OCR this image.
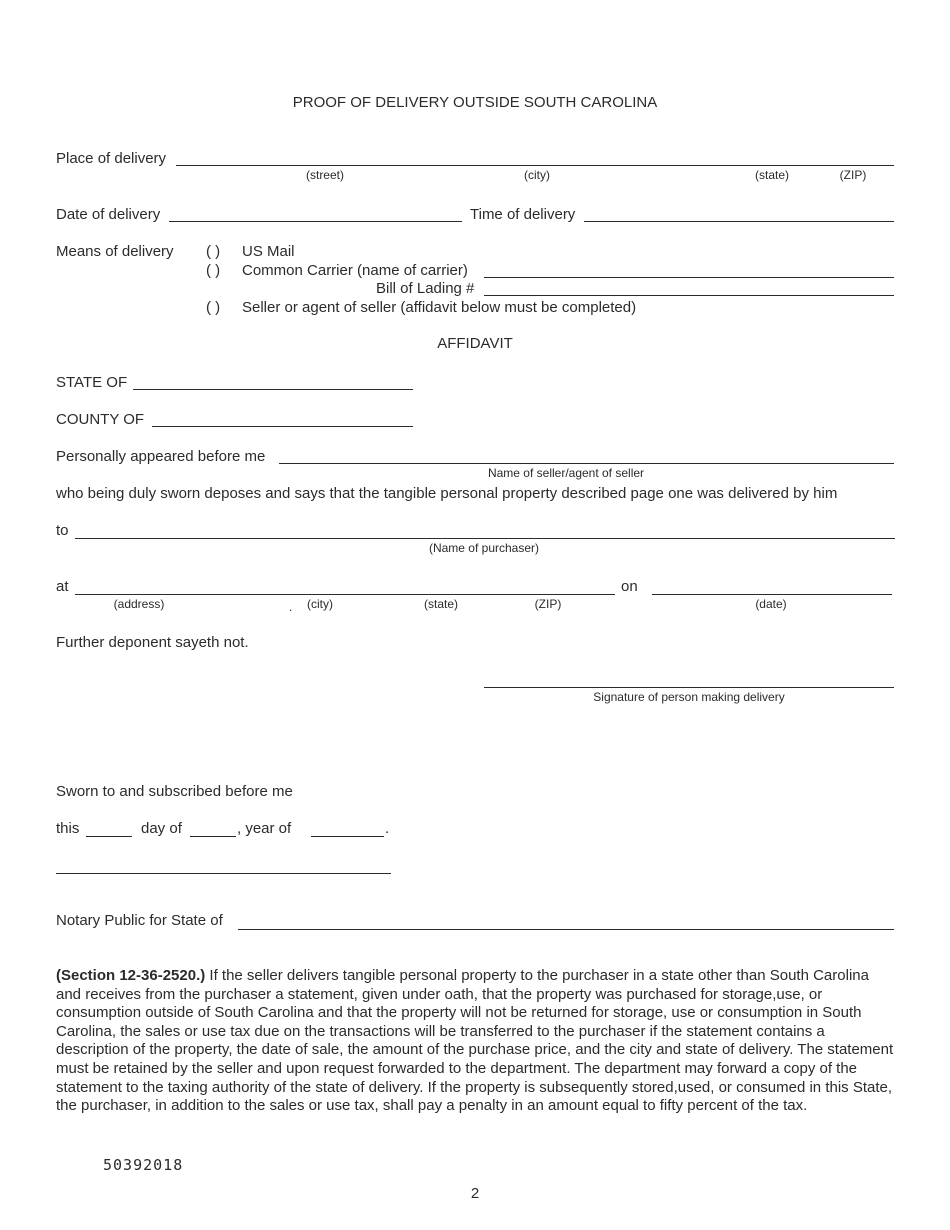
PROOF OF DELIVERY OUTSIDE SOUTH CAROLINA
Place of delivery
(street)	(city)	(state)	(ZIP)
Date of delivery	Time of delivery
Means of delivery ( ) US Mail
( ) Common Carrier (name of carrier)
Bill of Lading #
( ) Seller or agent of seller (affidavit below must be completed)
AFFIDAVIT
STATE OF
COUNTY OF
Personally appeared before me
Name of seller/agent of seller
who being duly sworn deposes and says that the tangible personal property described page one was delivered by him
to
(Name of purchaser)
at	on
(address)	.	(city)	(state)	(ZIP)	(date)
Further deponent sayeth not.
Signature of person making delivery
Sworn to and subscribed before me
this	day of	, year of	.
Notary Public for State of
(Section 12-36-2520.) If the seller delivers tangible personal property to the purchaser in a state other than South Carolina and receives from the purchaser a statement, given under oath, that the property was purchased for storage,use, or consumption outside of South Carolina and that the property will not be returned for storage, use or consumption in South Carolina, the sales or use tax due on the transactions will be transferred to the purchaser if the statement contains a description of the property, the date of sale, the amount of the purchase price, and the city and state of delivery. The statement must be retained by the seller and upon request forwarded to the department. The department may forward a copy of the statement to the taxing authority of the state of delivery. If the property is subsequently stored,used, or consumed in this State, the purchaser, in addition to the sales or use tax, shall pay a penalty in an amount equal to fifty percent of the tax.
50392018
2
